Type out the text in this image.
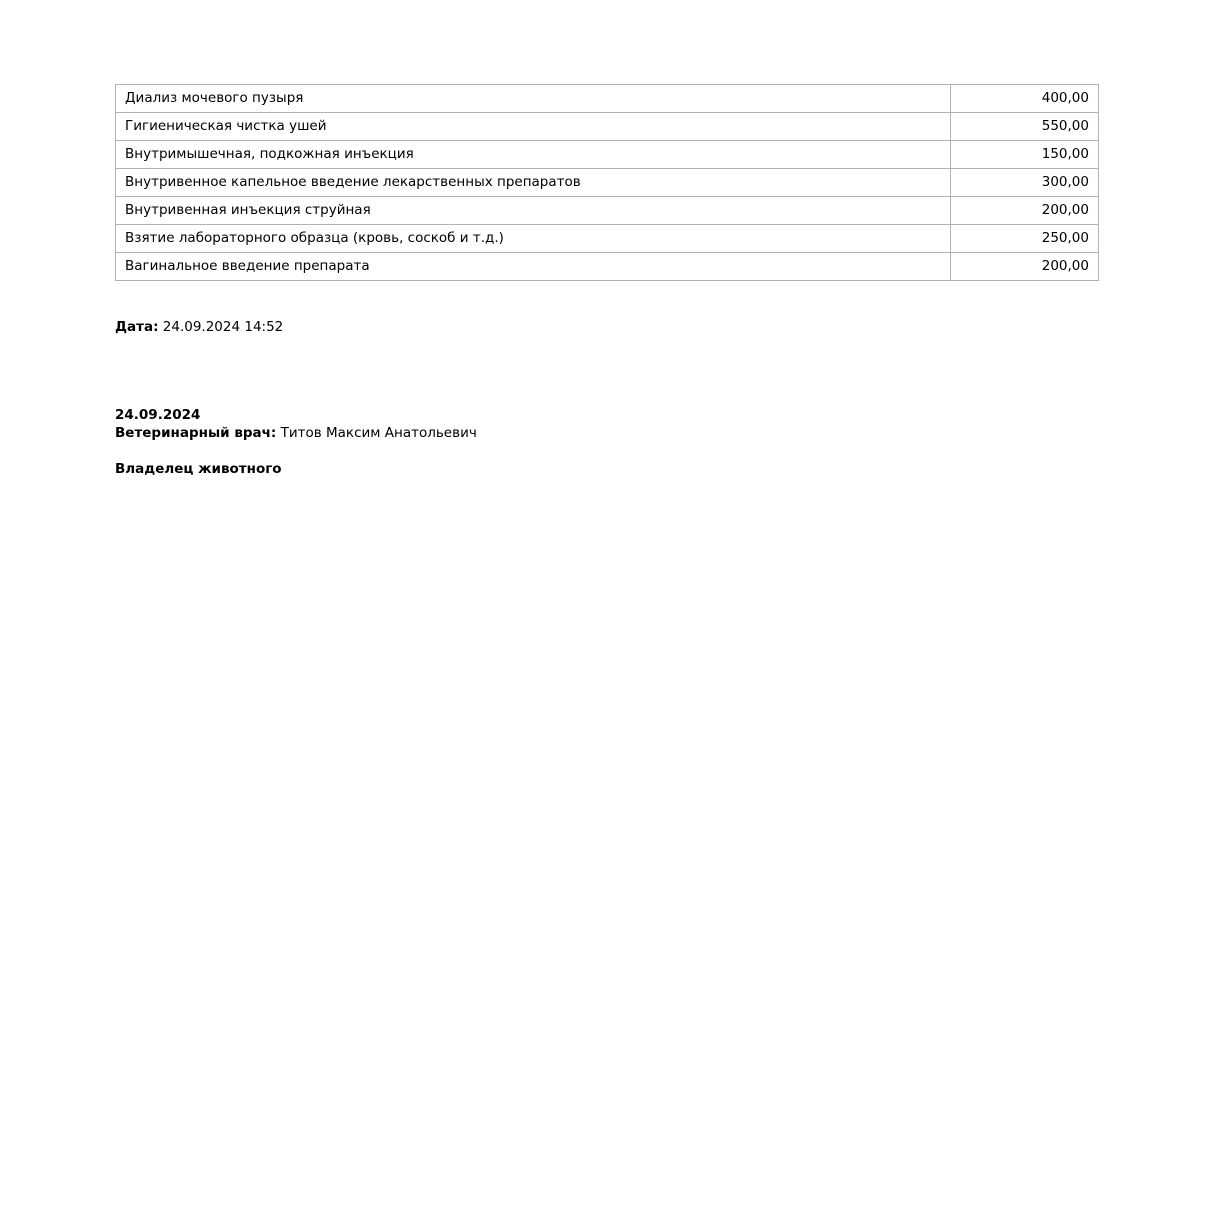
Диализ мочевого пузыря	400,00
Гигиеническая чистка ушей	550,00
Внутримышечная, подкожная инъекция	150,00
Внутривенное капельное введение лекарственных препаратов	300,00
Внутривенная инъекция струйная	200,00
Взятие лабораторного образца (кровь, соскоб и т.д.)	250,00
Вагинальное введение препарата	200,00
Дата: 24.09.2024 14:52
24.09.2024
Ветеринарный врач: Титов Максим Анатольевич
Владелец животного
